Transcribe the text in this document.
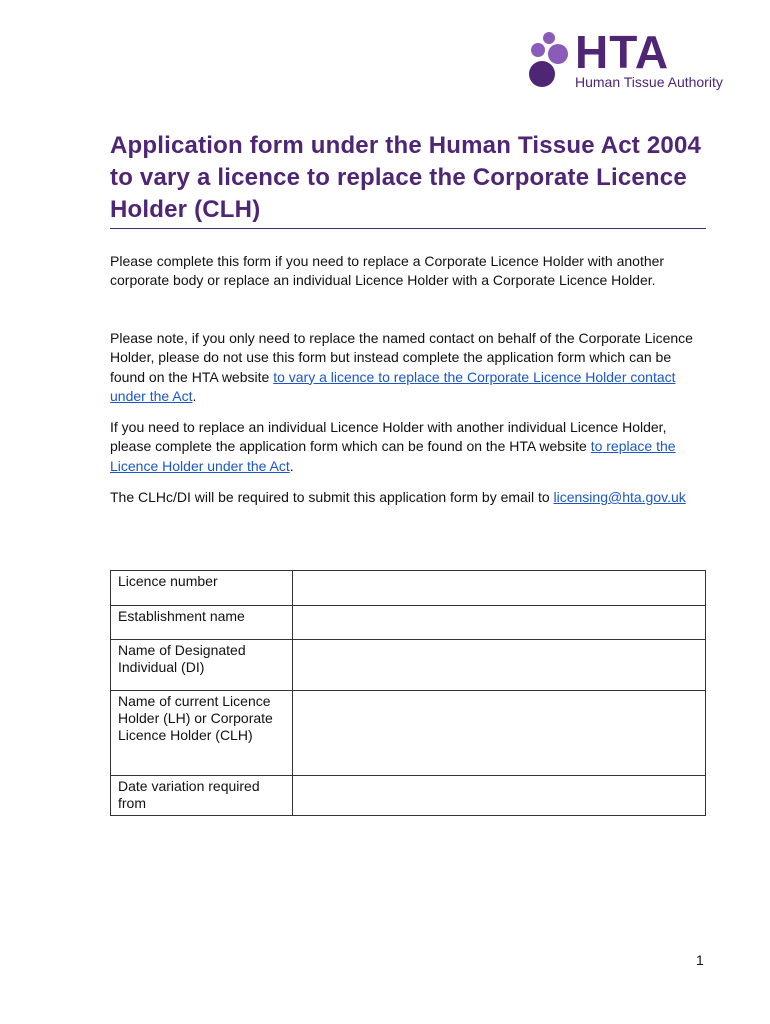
HTA
Human Tissue Authority
Application form under the Human Tissue Act 2004 to vary a licence to replace the Corporate Licence Holder (CLH)

Please complete this form if you need to replace a Corporate Licence Holder with another corporate body or replace an individual Licence Holder with a Corporate Licence Holder.

Please note, if you only need to replace the named contact on behalf of the Corporate Licence Holder, please do not use this form but instead complete the application form which can be found on the HTA website to vary a licence to replace the Corporate Licence Holder contact under the Act.

If you need to replace an individual Licence Holder with another individual Licence Holder, please complete the application form which can be found on the HTA website to replace the Licence Holder under the Act.

The CLHc/DI will be required to submit this application form by email to licensing@hta.gov.uk

Licence number	
Establishment name	
Name of Designated Individual (DI)	
Name of current Licence Holder (LH) or Corporate Licence Holder (CLH)	
Date variation required from	
1
